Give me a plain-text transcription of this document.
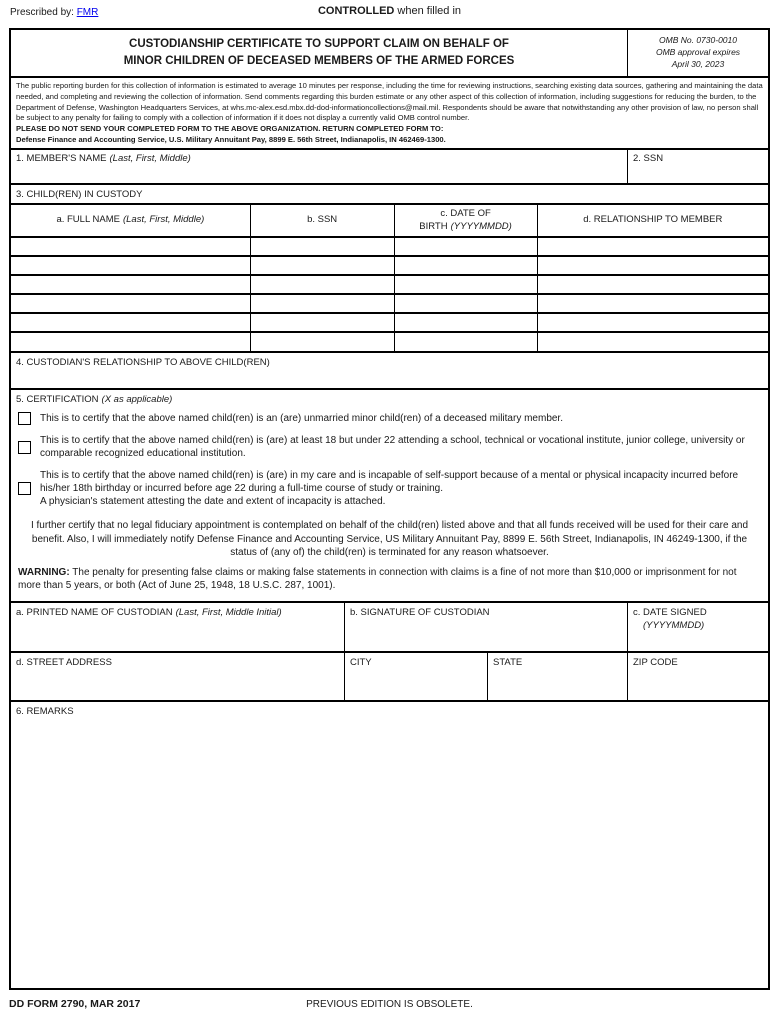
Prescribed by: FMR	CONTROLLED when filled in
CUSTODIANSHIP CERTIFICATE TO SUPPORT CLAIM ON BEHALF OF
MINOR CHILDREN OF DECEASED MEMBERS OF THE ARMED FORCES
OMB No. 0730-0010
OMB approval expires
April 30, 2023
The public reporting burden for this collection of information is estimated to average 10 minutes per response, including the time for reviewing instructions, searching existing data sources, gathering and maintaining the data needed, and completing and reviewing the collection of information. Send comments regarding this burden estimate or any other aspect of this collection of information, including suggestions for reducing the burden, to the Department of Defense, Washington Headquarters Services, at whs.mc-alex.esd.mbx.dd-dod-informationcollections@mail.mil. Respondents should be aware that notwithstanding any other provision of law, no person shall be subject to any penalty for failing to comply with a collection of information if it does not display a currently valid OMB control number.
PLEASE DO NOT SEND YOUR COMPLETED FORM TO THE ABOVE ORGANIZATION. RETURN COMPLETED FORM TO:
Defense Finance and Accounting Service, U.S. Military Annuitant Pay, 8899 E. 56th Street, Indianapolis, IN 462469-1300.
1. MEMBER'S NAME (Last, First, Middle)	2. SSN
3. CHILD(REN) IN CUSTODY
a. FULL NAME (Last, First, Middle)	b. SSN	c. DATE OF BIRTH (YYYYMMDD)	d. RELATIONSHIP TO MEMBER

4. CUSTODIAN'S RELATIONSHIP TO ABOVE CHILD(REN)
5. CERTIFICATION (X as applicable)
This is to certify that the above named child(ren) is an (are) unmarried minor child(ren) of a deceased military member.
This is to certify that the above named child(ren) is (are) at least 18 but under 22 attending a school, technical or vocational institute, junior college, university or comparable recognized educational institution.
This is to certify that the above named child(ren) is (are) in my care and is incapable of self-support because of a mental or physical incapacity incurred before his/her 18th birthday or incurred before age 22 during a full-time course of study or training.
A physician's statement attesting the date and extent of incapacity is attached.
I further certify that no legal fiduciary appointment is contemplated on behalf of the child(ren) listed above and that all funds received will be used for their care and benefit. Also, I will immediately notify Defense Finance and Accounting Service, US Military Annuitant Pay, 8899 E. 56th Street, Indianapolis, IN 46249-1300, if the status of (any of) the child(ren) is terminated for any reason whatsoever.
WARNING: The penalty for presenting false claims or making false statements in connection with claims is a fine of not more than $10,000 or imprisonment for not more than 5 years, or both (Act of June 25, 1948, 18 U.S.C. 287, 1001).
a. PRINTED NAME OF CUSTODIAN (Last, First, Middle Initial)	b. SIGNATURE OF CUSTODIAN	c. DATE SIGNED
(YYYYMMDD)
d. STREET ADDRESS	CITY	STATE	ZIP CODE
6. REMARKS
DD FORM 2790, MAR 2017	PREVIOUS EDITION IS OBSOLETE.
